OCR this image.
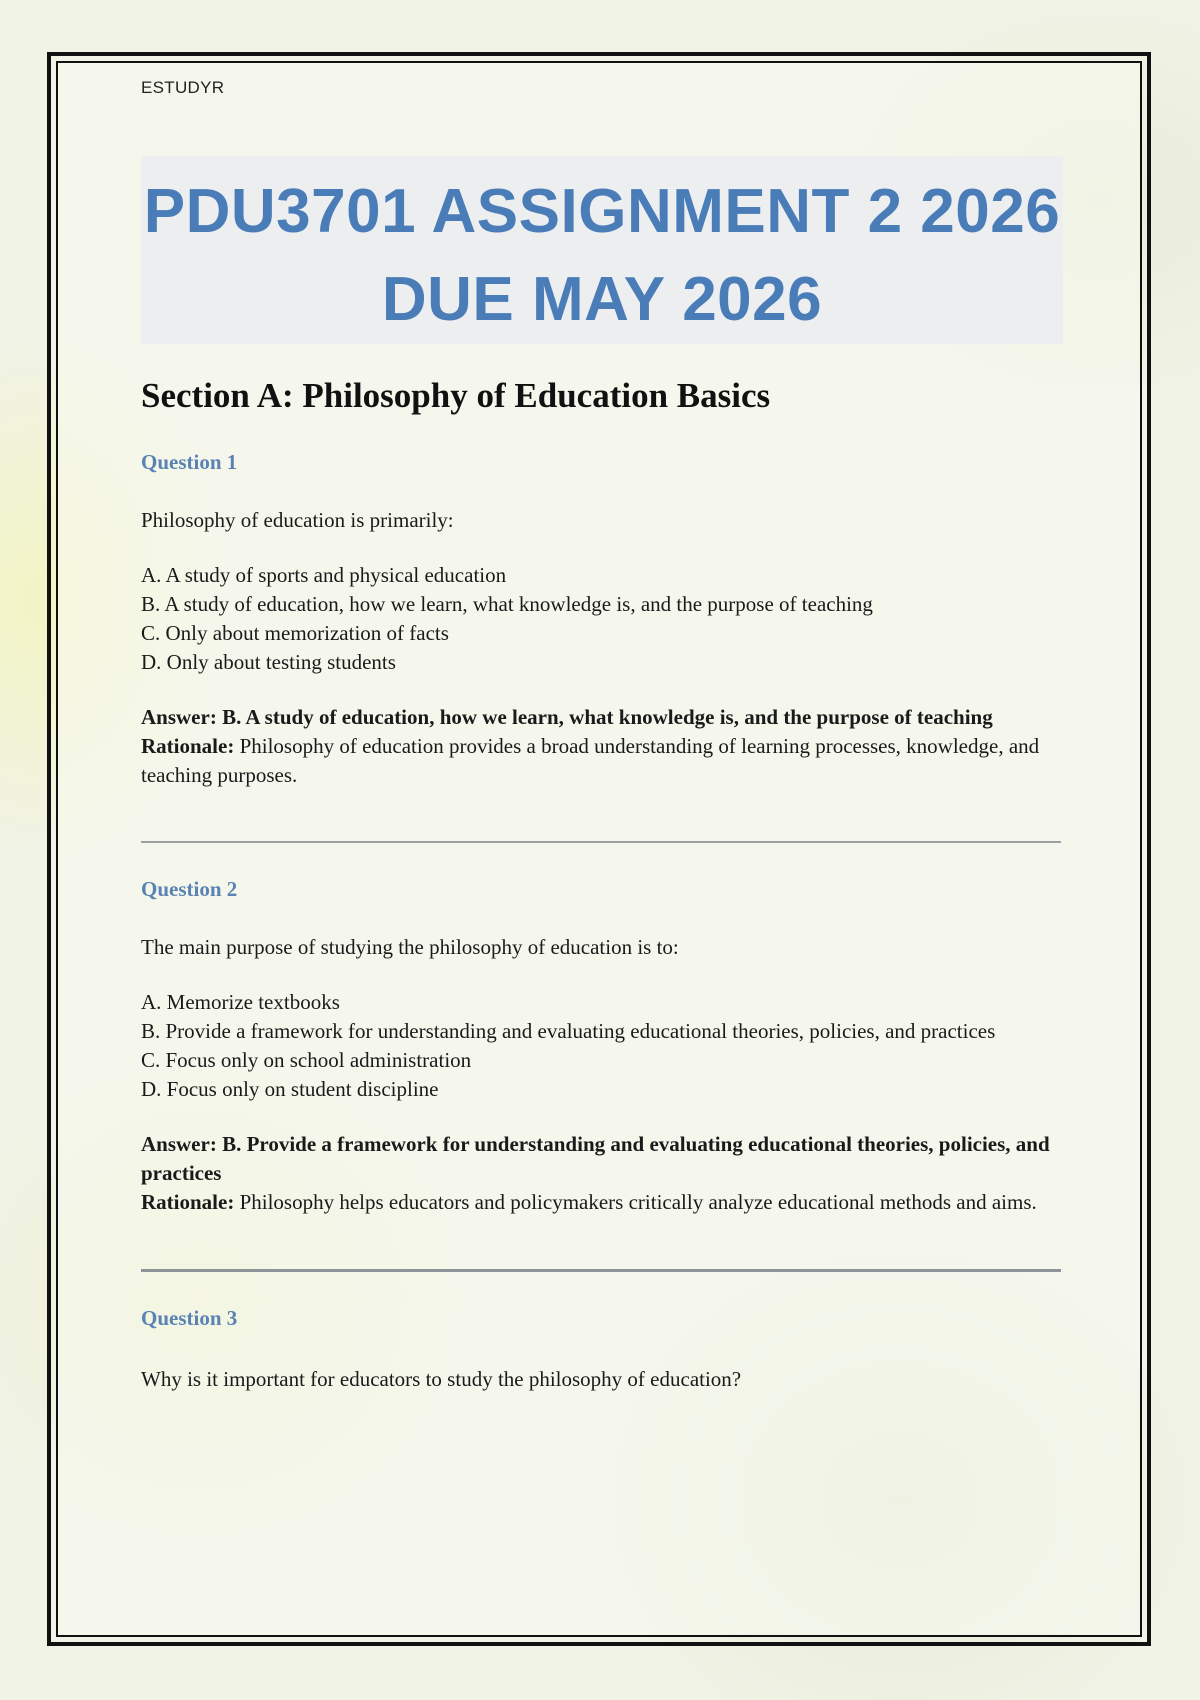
ESTUDYR

PDU3701 ASSIGNMENT 2 2026

DUE MAY 2026

Section A: Philosophy of Education Basics

Question 1

Philosophy of education is primarily:

A. A study of sports and physical education
B. A study of education, how we learn, what knowledge is, and the purpose of teaching
C. Only about memorization of facts
D. Only about testing students

Answer: B. A study of education, how we learn, what knowledge is, and the purpose of teaching

Rationale: Philosophy of education provides a broad understanding of learning processes, knowledge, and teaching purposes.

Question 2

The main purpose of studying the philosophy of education is to:

A. Memorize textbooks
B. Provide a framework for understanding and evaluating educational theories, policies, and practices
C. Focus only on school administration
D. Focus only on student discipline

Answer: B. Provide a framework for understanding and evaluating educational theories, policies, and practices

Rationale: Philosophy helps educators and policymakers critically analyze educational methods and aims.

Question 3

Why is it important for educators to study the philosophy of education?
